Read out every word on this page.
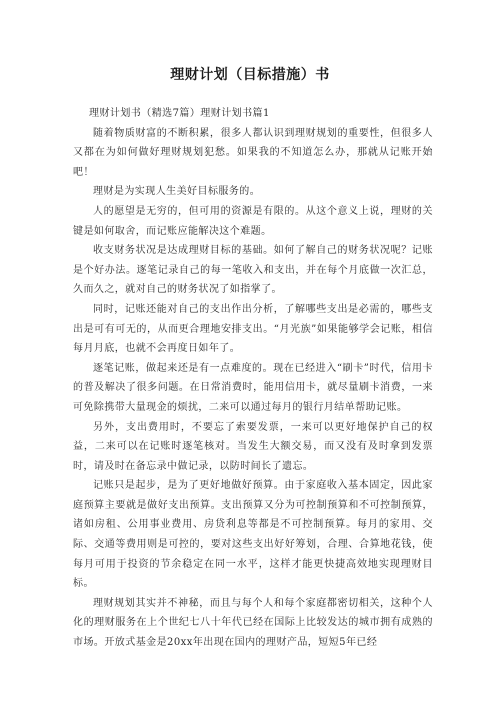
理财计划（目标措施）书

理财计划书（精选7篇）理财计划书篇1

随着物质财富的不断积累，很多人都认识到理财规划的重要性，但很多人又都在为如何做好理财规划犯愁。如果我的不知道怎么办，那就从记账开始吧！

理财是为实现人生美好目标服务的。

人的愿望是无穷的，但可用的资源是有限的。从这个意义上说，理财的关键是如何取舍，而记账应能解决这个难题。

收支财务状况是达成理财目标的基础。如何了解自己的财务状况呢？记账是个好办法。逐笔记录自己的每一笔收入和支出，并在每个月底做一次汇总，久而久之，就对自己的财务状况了如指掌了。

同时，记账还能对自己的支出作出分析，了解哪些支出是必需的，哪些支出是可有可无的，从而更合理地安排支出。“月光族”如果能够学会记账，相信每月月底，也就不会再度日如年了。

逐笔记账，做起来还是有一点难度的。现在已经进入“刷卡”时代，信用卡的普及解决了很多问题。在日常消费时，能用信用卡，就尽量刷卡消费，一来可免除携带大量现金的烦扰，二来可以通过每月的银行月结单帮助记账。

另外，支出费用时，不要忘了索要发票，一来可以更好地保护自己的权益，二来可以在记账时逐笔核对。当发生大额交易，而又没有及时拿到发票时，请及时在备忘录中做记录，以防时间长了遗忘。

记账只是起步，是为了更好地做好预算。由于家庭收入基本固定，因此家庭预算主要就是做好支出预算。支出预算又分为可控制预算和不可控制预算，诸如房租、公用事业费用、房贷利息等都是不可控制预算。每月的家用、交际、交通等费用则是可控的，要对这些支出好好筹划，合理、合算地花钱，使每月可用于投资的节余稳定在同一水平，这样才能更快捷高效地实现理财目标。

理财规划其实并不神秘，而且与每个人和每个家庭都密切相关，这种个人化的理财服务在上个世纪七八十年代已经在国际上比较发达的城市拥有成熟的市场。开放式基金是20xx年出现在国内的理财产品，短短5年已经
